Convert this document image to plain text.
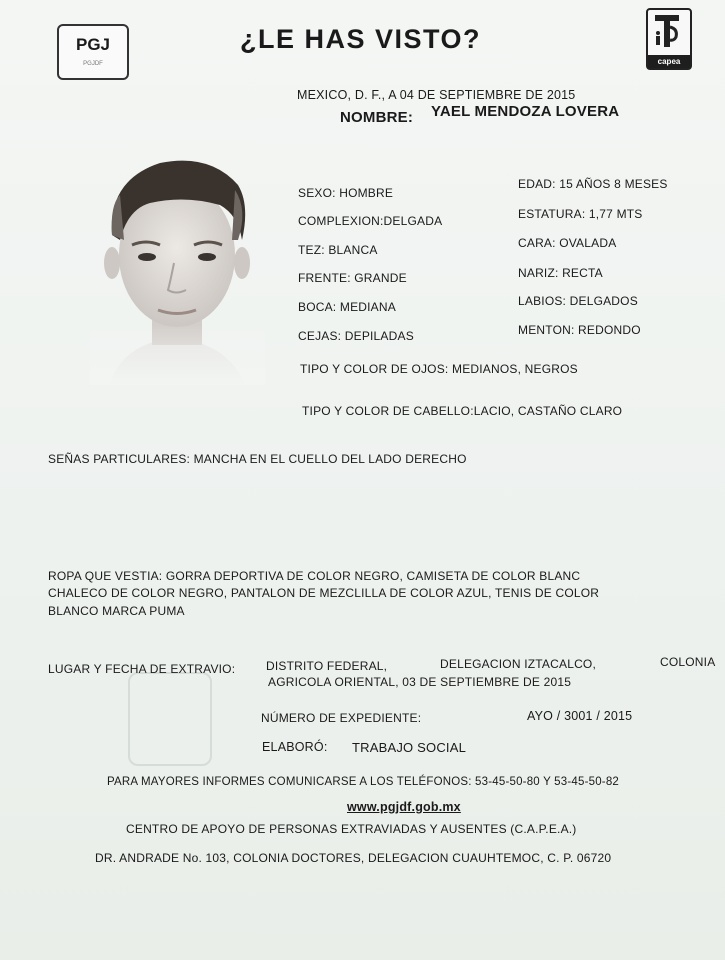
PGJ
PGJDF
¿LE HAS VISTO?
capea
MEXICO, D. F., A 04 DE SEPTIEMBRE DE 2015
NOMBRE: YAEL MENDOZA LOVERA
SEXO: HOMBRE
COMPLEXION:DELGADA
TEZ: BLANCA
FRENTE: GRANDE
BOCA: MEDIANA
CEJAS: DEPILADAS
EDAD: 15 AÑOS 8 MESES
ESTATURA: 1,77 MTS
CARA: OVALADA
NARIZ: RECTA
LABIOS: DELGADOS
MENTON: REDONDO
TIPO Y COLOR DE OJOS: MEDIANOS, NEGROS
TIPO Y COLOR DE CABELLO:LACIO, CASTAÑO CLARO
SEÑAS PARTICULARES: MANCHA EN EL CUELLO DEL LADO DERECHO
ROPA QUE VESTIA: GORRA DEPORTIVA DE COLOR NEGRO, CAMISETA DE COLOR BLANC
CHALECO DE COLOR NEGRO, PANTALON DE MEZCLILLA DE COLOR AZUL, TENIS DE COLOR
BLANCO MARCA PUMA
LUGAR Y FECHA DE EXTRAVIO:	DISTRITO FEDERAL,	DELEGACION IZTACALCO,	COLONIA
AGRICOLA ORIENTAL, 03 DE SEPTIEMBRE DE 2015
NÚMERO DE EXPEDIENTE:	AYO / 3001 / 2015
ELABORÓ: TRABAJO SOCIAL
PARA MAYORES INFORMES COMUNICARSE A LOS TELÉFONOS: 53-45-50-80 Y 53-45-50-82
www.pgjdf.gob.mx
CENTRO DE APOYO DE PERSONAS EXTRAVIADAS Y AUSENTES (C.A.P.E.A.)
DR. ANDRADE No. 103, COLONIA DOCTORES, DELEGACION CUAUHTEMOC, C. P. 06720
